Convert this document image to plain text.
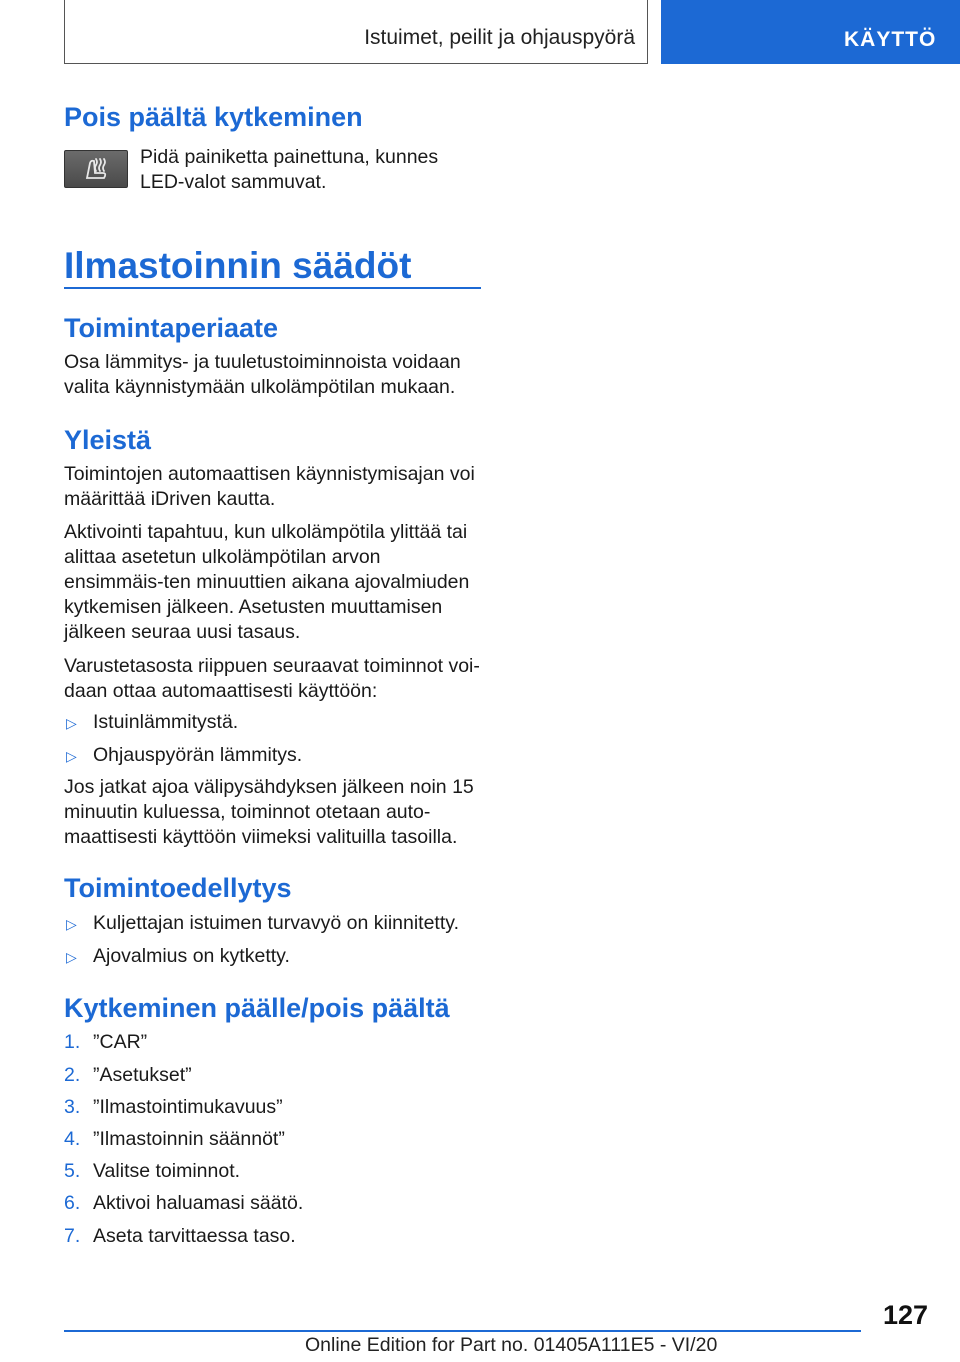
Istuimet, peilit ja ohjauspyörä	KÄYTTÖ
Pois päältä kytkeminen

Pidä painiketta painettuna, kunnes LED-valot sammuvat.

Ilmastoinnin säädöt
Toimintaperiaate

Osa lämmitys- ja tuuletustoiminnoista voidaan valita käynnistymään ulkolämpötilan mukaan.

Yleistä

Toimintojen automaattisen käynnistymisajan voi määrittää iDriven kautta.

Aktivointi tapahtuu, kun ulkolämpötila ylittää tai alittaa asetetun ulkolämpötilan arvon ensimmäis-ten minuuttien aikana ajovalmiuden kytkemisen jälkeen. Asetusten muuttamisen jälkeen seuraa uusi tasaus.

Varustetasosta riippuen seuraavat toiminnot voi-daan ottaa automaattisesti käyttöön:

▷ Istuinlämmitystä.
▷ Ohjauspyörän lämmitys.

Jos jatkat ajoa välipysähdyksen jälkeen noin 15 minuutin kuluessa, toiminnot otetaan auto-maattisesti käyttöön viimeksi valituilla tasoilla.

Toimintoedellytys
▷ Kuljettajan istuimen turvavyö on kiinnitetty.
▷ Ajovalmius on kytketty.
Kytkeminen päälle/pois päältä
1. ”CAR”
2. ”Asetukset”
3. ”Ilmastointimukavuus”
4. ”Ilmastoinnin säännöt”
5. Valitse toiminnot.
6. Aktivoi haluamasi säätö.
7. Aseta tarvittaessa taso.
127
Online Edition for Part no. 01405A111E5 - VI/20
